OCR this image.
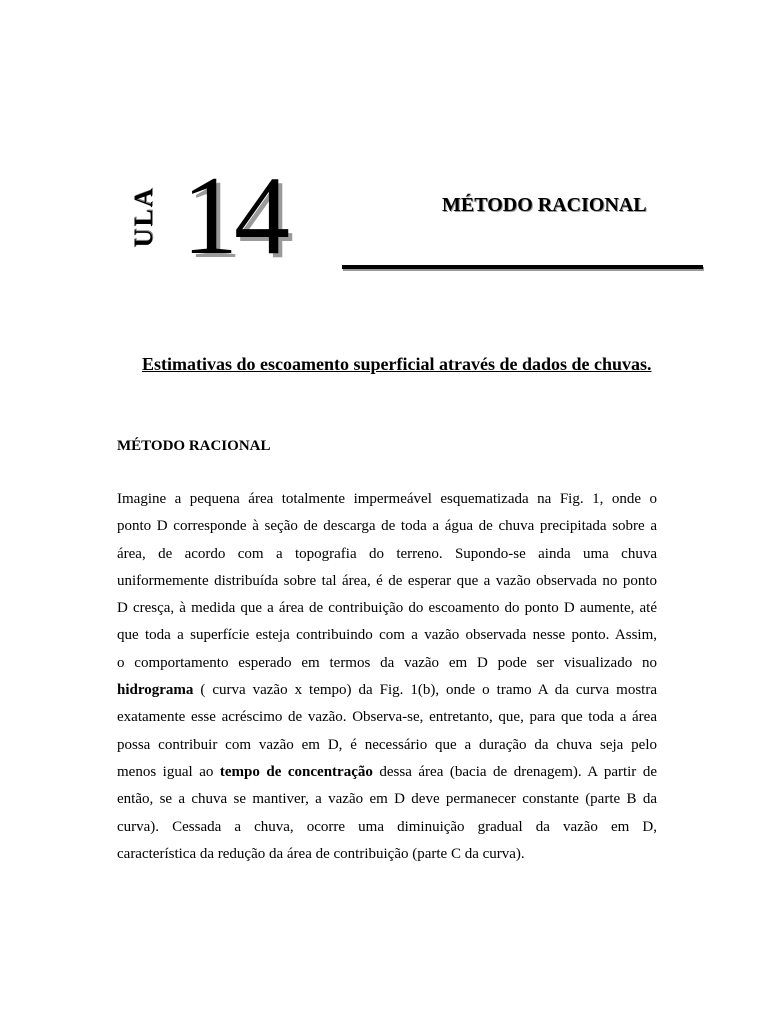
ULA 14	MÉTODO RACIONAL
Estimativas do escoamento superficial através de dados de chuvas.
MÉTODO RACIONAL
Imagine a pequena área totalmente impermeável esquematizada na Fig. 1, onde o
ponto D corresponde à seção de descarga de toda a água de chuva precipitada sobre a
área, de acordo com a topografia do terreno. Supondo-se ainda uma chuva
uniformemente distribuída sobre tal área, é de esperar que a vazão observada no ponto
D cresça, à medida que a área de contribuição do escoamento do ponto D aumente, até
que toda a superfície esteja contribuindo com a vazão observada nesse ponto. Assim,
o comportamento esperado em termos da vazão em D pode ser visualizado no
hidrograma ( curva vazão x tempo) da Fig. 1(b), onde o tramo A da curva mostra
exatamente esse acréscimo de vazão. Observa-se, entretanto, que, para que toda a área
possa contribuir com vazão em D, é necessário que a duração da chuva seja pelo
menos igual ao tempo de concentração dessa área (bacia de drenagem). A partir de
então, se a chuva se mantiver, a vazão em D deve permanecer constante (parte B da
curva). Cessada a chuva, ocorre uma diminuição gradual da vazão em D,
característica da redução da área de contribuição (parte C da curva).
